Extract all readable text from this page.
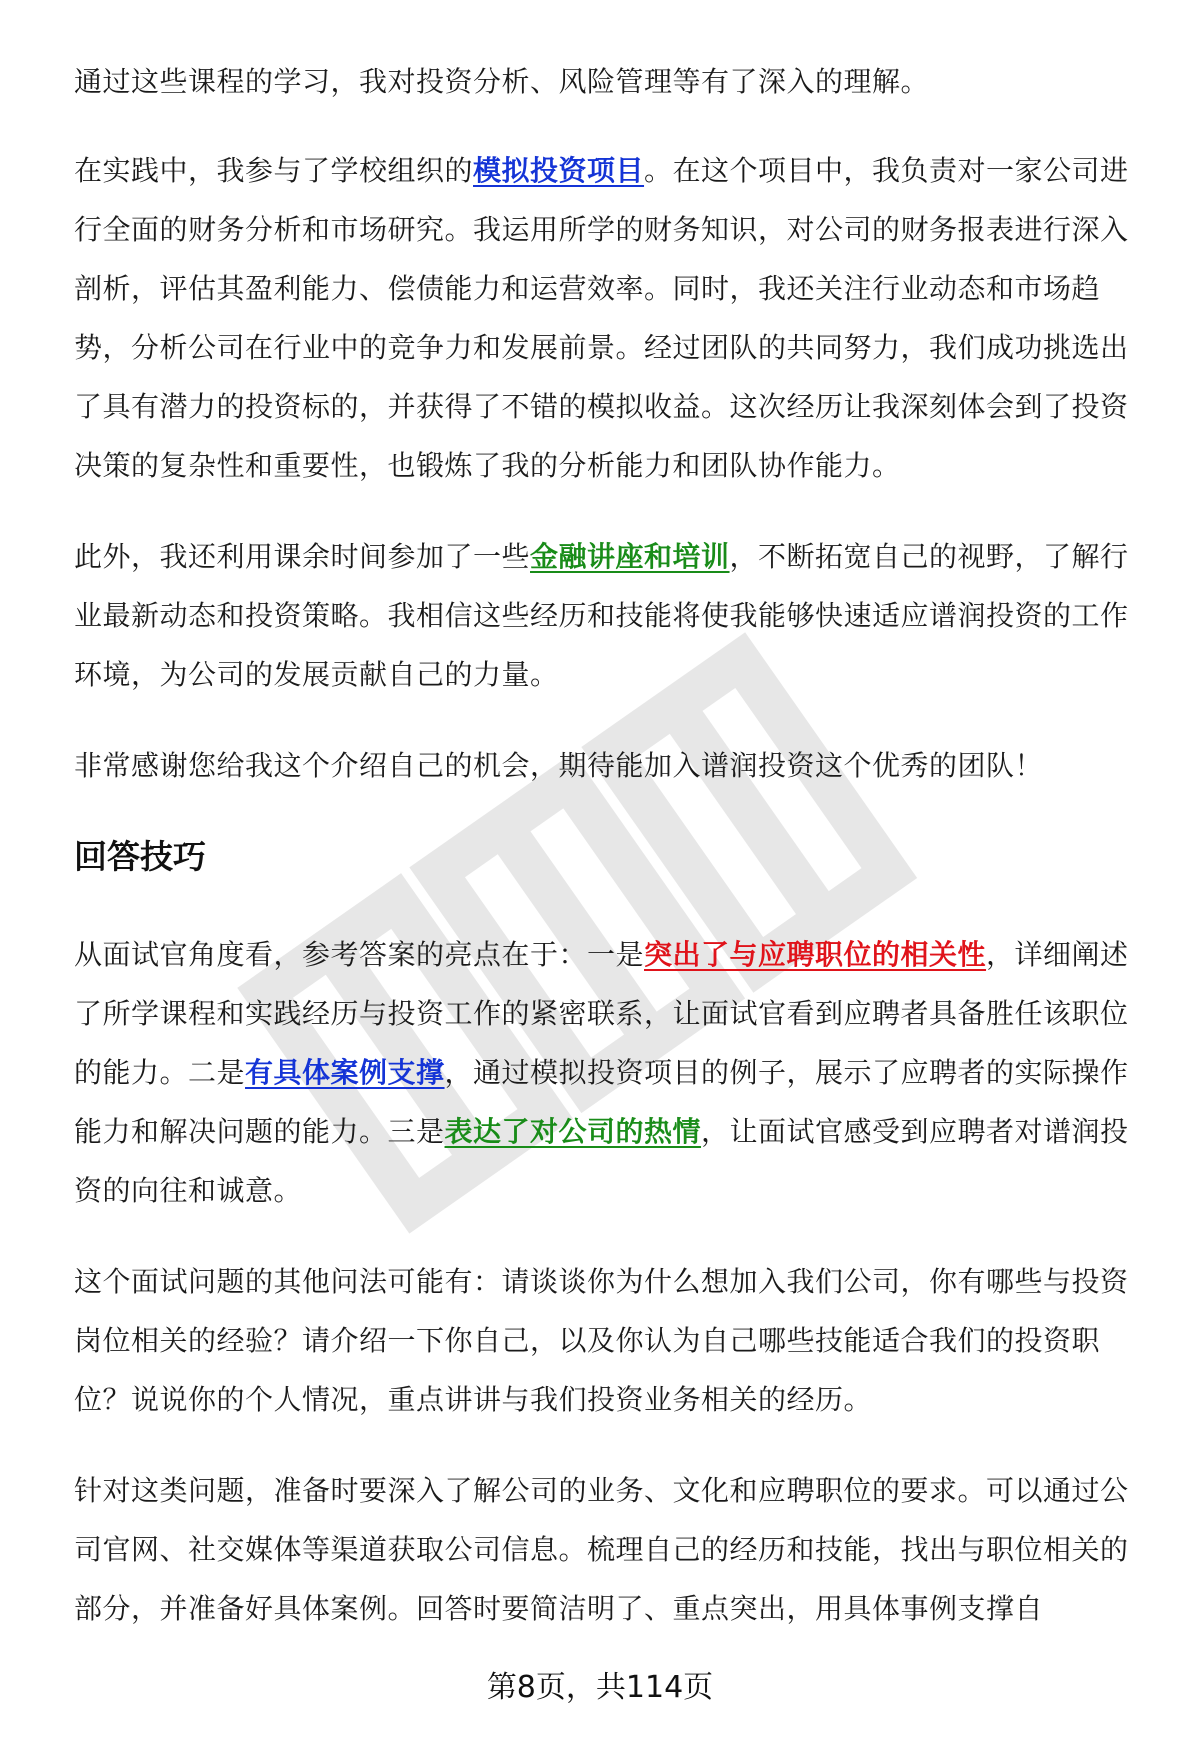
通过这些课程的学习，我对投资分析、风险管理等有了深入的理解。

在实践中，我参与了学校组织的模拟投资项目。在这个项目中，我负责对一家公司进行全面的财务分析和市场研究。我运用所学的财务知识，对公司的财务报表进行深入剖析，评估其盈利能力、偿债能力和运营效率。同时，我还关注行业动态和市场趋势，分析公司在行业中的竞争力和发展前景。经过团队的共同努力，我们成功挑选出了具有潜力的投资标的，并获得了不错的模拟收益。这次经历让我深刻体会到了投资决策的复杂性和重要性，也锻炼了我的分析能力和团队协作能力。

此外，我还利用课余时间参加了一些金融讲座和培训，不断拓宽自己的视野，了解行业最新动态和投资策略。我相信这些经历和技能将使我能够快速适应谱润投资的工作环境，为公司的发展贡献自己的力量。

非常感谢您给我这个介绍自己的机会，期待能加入谱润投资这个优秀的团队！

回答技巧

从面试官角度看，参考答案的亮点在于：一是突出了与应聘职位的相关性，详细阐述了所学课程和实践经历与投资工作的紧密联系，让面试官看到应聘者具备胜任该职位的能力。二是有具体案例支撑，通过模拟投资项目的例子，展示了应聘者的实际操作能力和解决问题的能力。三是表达了对公司的热情，让面试官感受到应聘者对谱润投资的向往和诚意。

这个面试问题的其他问法可能有：请谈谈你为什么想加入我们公司，你有哪些与投资岗位相关的经验？请介绍一下你自己，以及你认为自己哪些技能适合我们的投资职位？说说你的个人情况，重点讲讲与我们投资业务相关的经历。

针对这类问题，准备时要深入了解公司的业务、文化和应聘职位的要求。可以通过公司官网、社交媒体等渠道获取公司信息。梳理自己的经历和技能，找出与职位相关的部分，并准备好具体案例。回答时要简洁明了、重点突出，用具体事例支撑自

第8页，共114页
